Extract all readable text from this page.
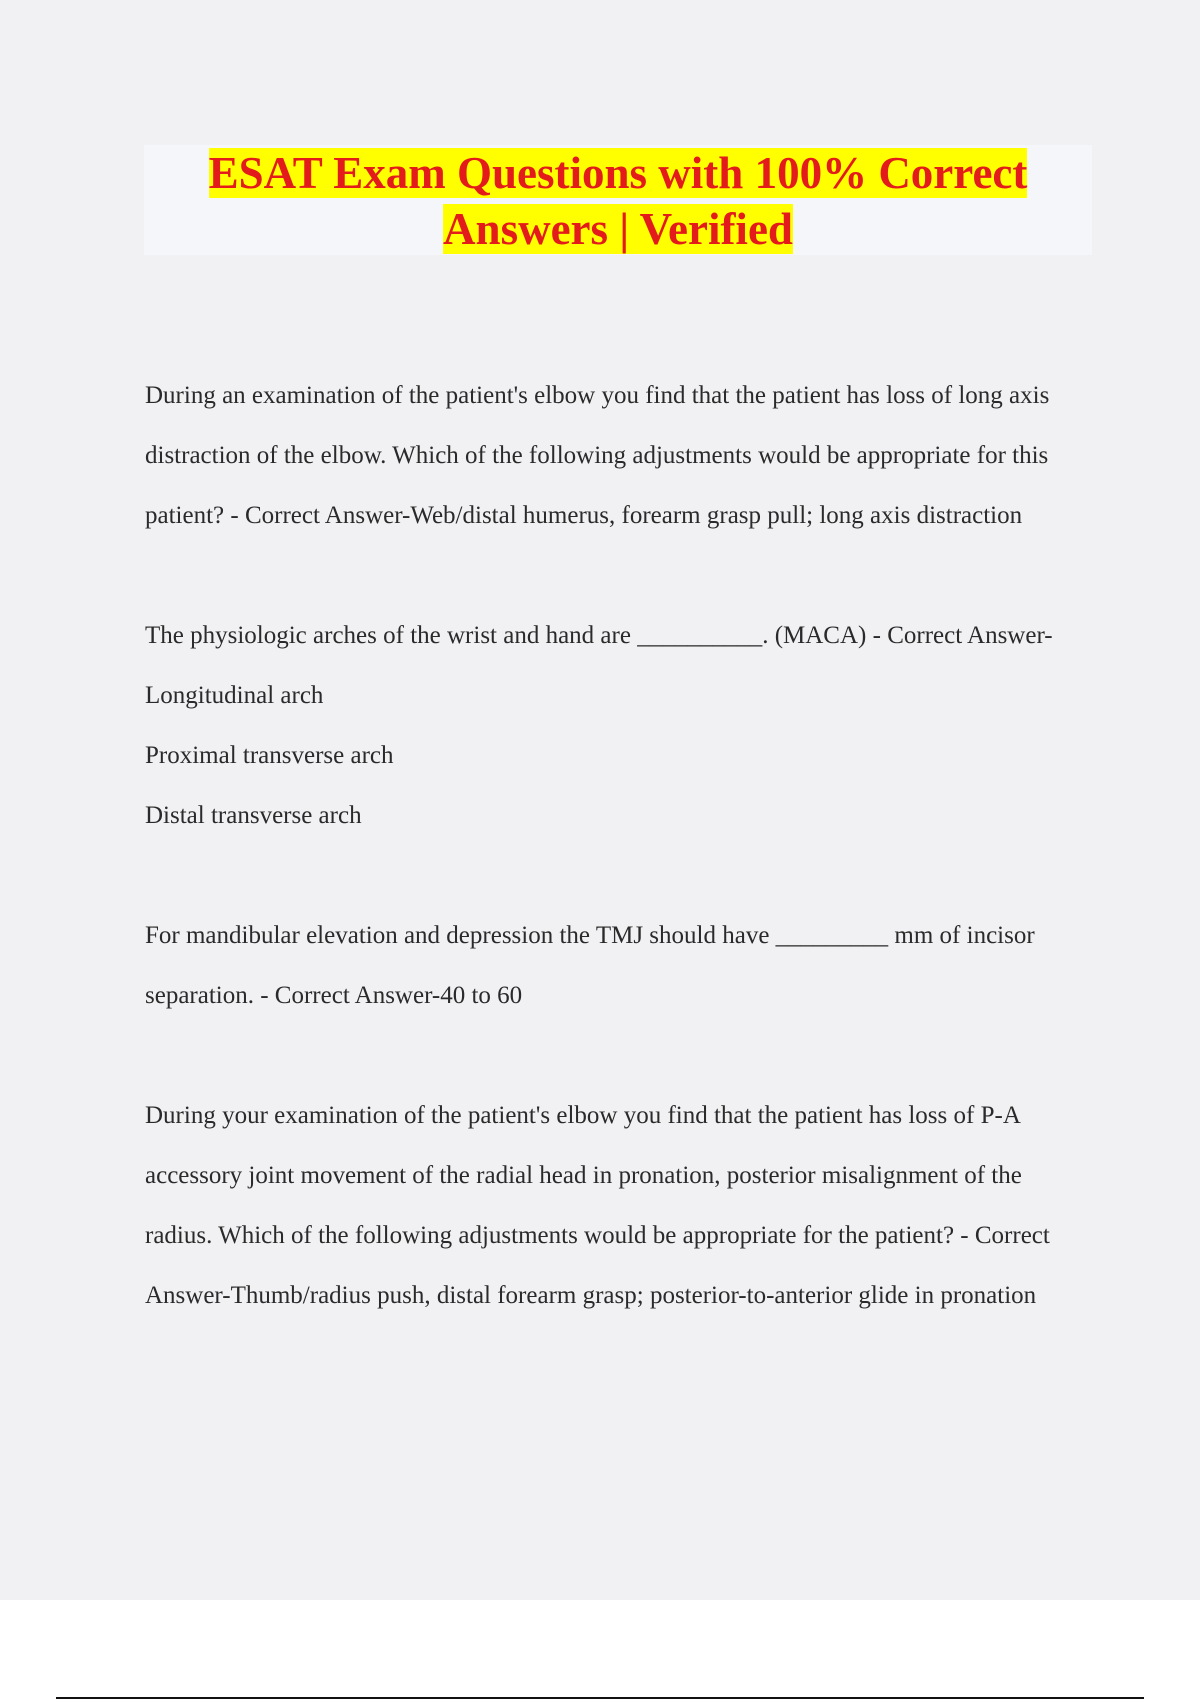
ESAT Exam Questions with 100% Correct
Answers | Verified

During an examination of the patient's elbow you find that the patient has loss of long axis distraction of the elbow. Which of the following adjustments would be appropriate for this patient? - Correct Answer-Web/distal humerus, forearm grasp pull; long axis distraction

The physiologic arches of the wrist and hand are __________. (MACA) - Correct Answer-Longitudinal arch

Proximal transverse arch

Distal transverse arch

For mandibular elevation and depression the TMJ should have _________ mm of incisor separation. - Correct Answer-40 to 60

During your examination of the patient's elbow you find that the patient has loss of P-A accessory joint movement of the radial head in pronation, posterior misalignment of the radius. Which of the following adjustments would be appropriate for the patient? - Correct Answer-Thumb/radius push, distal forearm grasp; posterior-to-anterior glide in pronation
